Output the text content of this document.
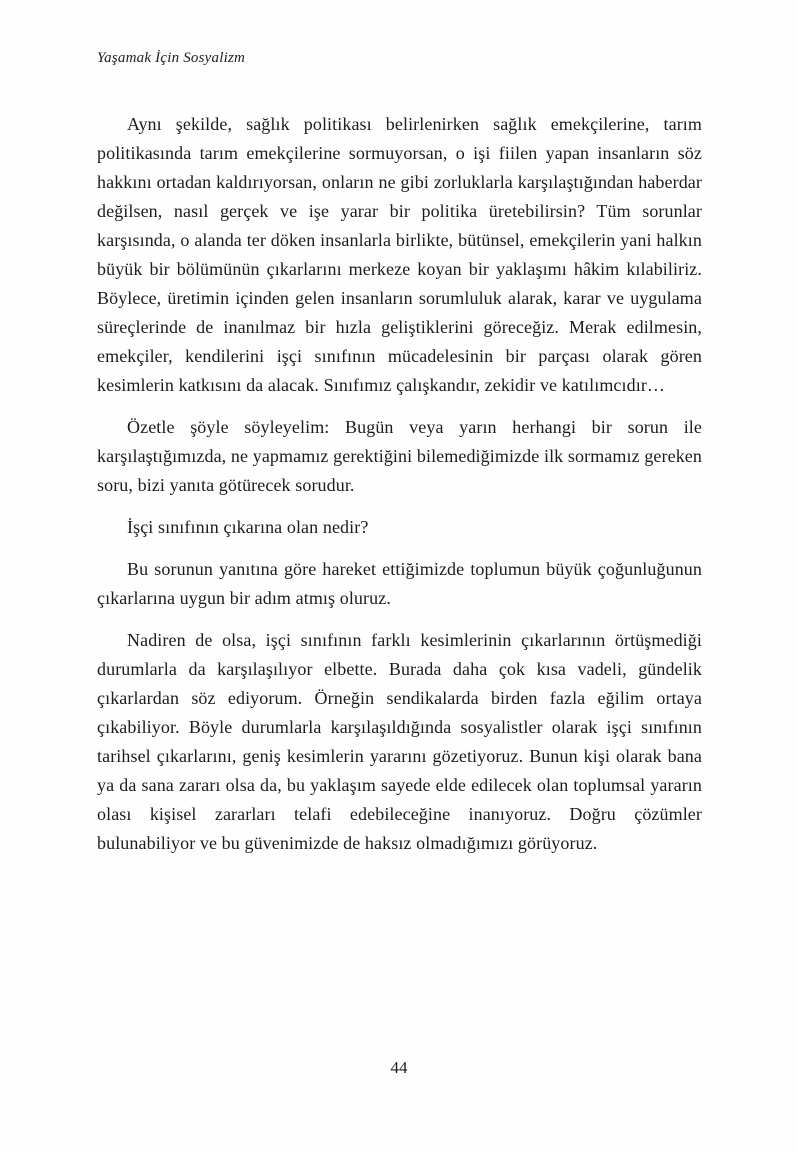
Yaşamak İçin Sosyalizm

Aynı şekilde, sağlık politikası belirlenirken sağlık emekçilerine, tarım politikasında tarım emekçilerine sormuyorsan, o işi fiilen yapan insanların söz hakkını ortadan kaldırıyorsan, onların ne gibi zorluklarla karşılaştığından haberdar değilsen, nasıl gerçek ve işe yarar bir politika üretebilirsin? Tüm sorunlar karşısında, o alanda ter döken insanlarla birlikte, bütünsel, emekçilerin yani halkın büyük bir bölümünün çıkarlarını merkeze koyan bir yaklaşımı hâkim kılabiliriz. Böylece, üretimin içinden gelen insanların sorumluluk alarak, karar ve uygulama süreçlerinde de inanılmaz bir hızla geliştiklerini göreceğiz. Merak edilmesin, emekçiler, kendilerini işçi sınıfının mücadelesinin bir parçası olarak gören kesimlerin katkısını da alacak. Sınıfımız çalışkandır, zekidir ve katılımcıdır…

Özetle şöyle söyleyelim: Bugün veya yarın herhangi bir sorun ile karşılaştığımızda, ne yapmamız gerektiğini bilemediğimizde ilk sormamız gereken soru, bizi yanıta götürecek sorudur.

İşçi sınıfının çıkarına olan nedir?

Bu sorunun yanıtına göre hareket ettiğimizde toplumun büyük çoğunluğunun çıkarlarına uygun bir adım atmış oluruz.

Nadiren de olsa, işçi sınıfının farklı kesimlerinin çıkarlarının örtüşmediği durumlarla da karşılaşılıyor elbette. Burada daha çok kısa vadeli, gündelik çıkarlardan söz ediyorum. Örneğin sendikalarda birden fazla eğilim ortaya çıkabiliyor. Böyle durumlarla karşılaşıldığında sosyalistler olarak işçi sınıfının tarihsel çıkarlarını, geniş kesimlerin yararını gözetiyoruz. Bunun kişi olarak bana ya da sana zararı olsa da, bu yaklaşım sayede elde edilecek olan toplumsal yararın olası kişisel zararları telafi edebileceğine inanıyoruz. Doğru çözümler bulunabiliyor ve bu güvenimizde de haksız olmadığımızı görüyoruz.

44
